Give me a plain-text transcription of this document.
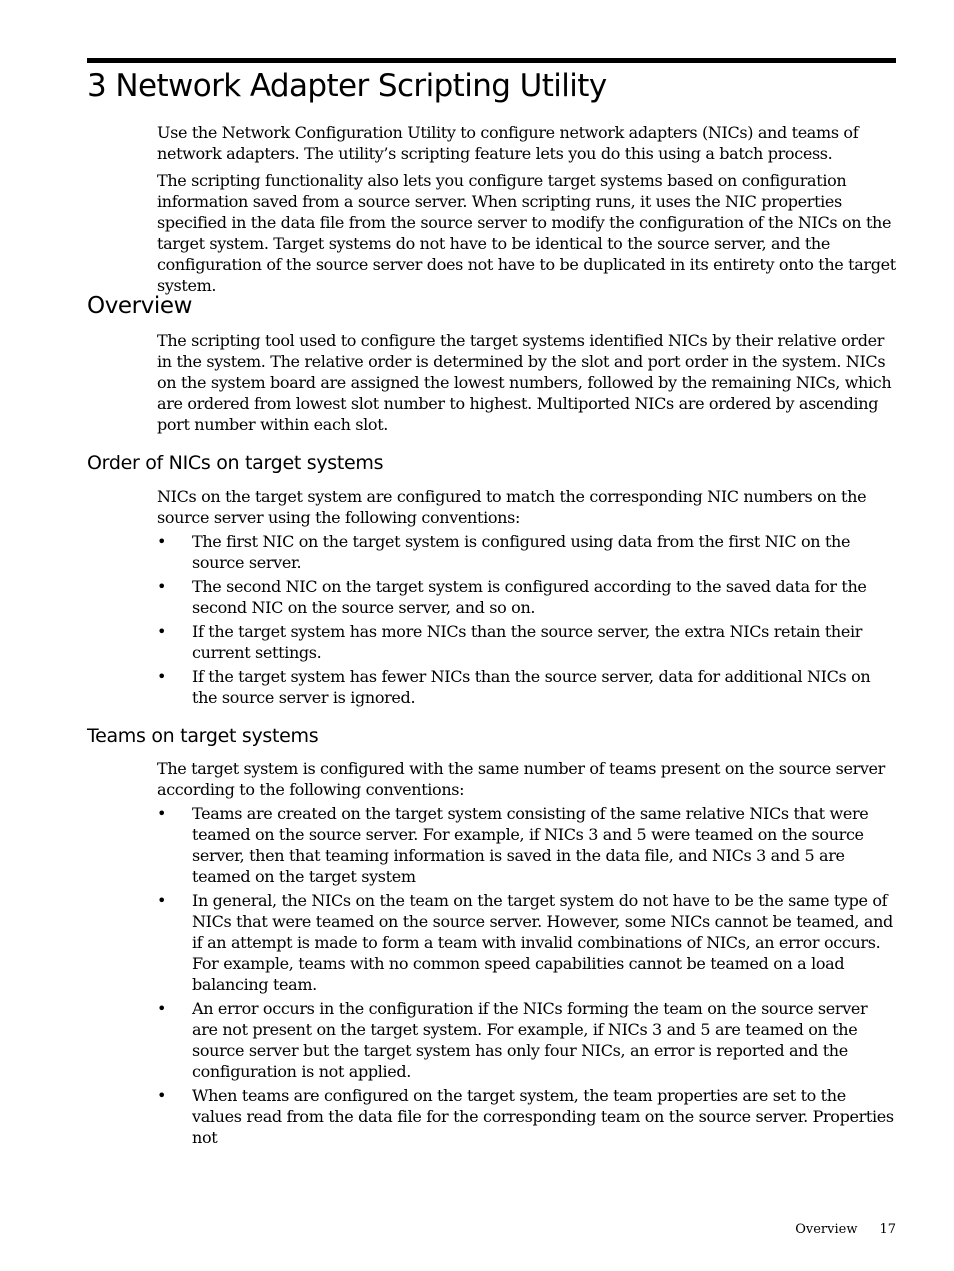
3 Network Adapter Scripting Utility

Use the Network Configuration Utility to configure network adapters (NICs) and teams of network adapters. The utility’s scripting feature lets you do this using a batch process.

The scripting functionality also lets you configure target systems based on configuration information saved from a source server. When scripting runs, it uses the NIC properties specified in the data file from the source server to modify the configuration of the NICs on the target system. Target systems do not have to be identical to the source server, and the configuration of the source server does not have to be duplicated in its entirety onto the target system.

Overview

The scripting tool used to configure the target systems identified NICs by their relative order in the system. The relative order is determined by the slot and port order in the system. NICs on the system board are assigned the lowest numbers, followed by the remaining NICs, which are ordered from lowest slot number to highest. Multiported NICs are ordered by ascending port number within each slot.

Order of NICs on target systems

NICs on the target system are configured to match the corresponding NIC numbers on the source server using the following conventions:

• The first NIC on the target system is configured using data from the first NIC on the source server.
• The second NIC on the target system is configured according to the saved data for the second NIC on the source server, and so on.
• If the target system has more NICs than the source server, the extra NICs retain their current settings.
• If the target system has fewer NICs than the source server, data for additional NICs on the source server is ignored.
Teams on target systems

The target system is configured with the same number of teams present on the source server according to the following conventions:

• Teams are created on the target system consisting of the same relative NICs that were teamed on the source server. For example, if NICs 3 and 5 were teamed on the source server, then that teaming information is saved in the data file, and NICs 3 and 5 are teamed on the target system
• In general, the NICs on the team on the target system do not have to be the same type of NICs that were teamed on the source server. However, some NICs cannot be teamed, and if an attempt is made to form a team with invalid combinations of NICs, an error occurs. For example, teams with no common speed capabilities cannot be teamed on a load balancing team.
• An error occurs in the configuration if the NICs forming the team on the source server are not present on the target system. For example, if NICs 3 and 5 are teamed on the source server but the target system has only four NICs, an error is reported and the configuration is not applied.
• When teams are configured on the target system, the team properties are set to the values read from the data file for the corresponding team on the source server. Properties not
Overview 17
